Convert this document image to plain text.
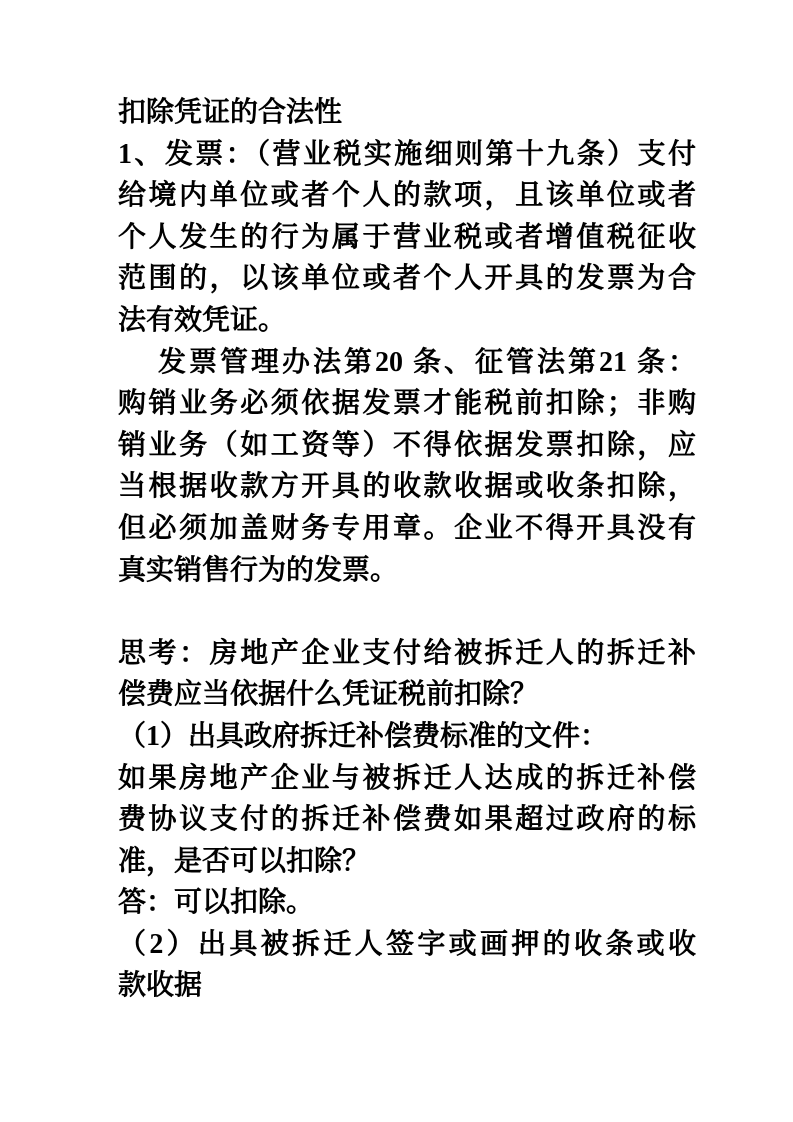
扣除凭证的合法性
1、发票：（营业税实施细则第十九条）支付
给境内单位或者个人的款项，且该单位或者
个人发生的行为属于营业税或者增值税征收
范围的，以该单位或者个人开具的发票为合
法有效凭证。
发票管理办法第20 条、征管法第21 条：
购销业务必须依据发票才能税前扣除；非购
销业务（如工资等）不得依据发票扣除，应
当根据收款方开具的收款收据或收条扣除，
但必须加盖财务专用章。企业不得开具没有
真实销售行为的发票。
思考：房地产企业支付给被拆迁人的拆迁补
偿费应当依据什么凭证税前扣除？
（1）出具政府拆迁补偿费标准的文件：
如果房地产企业与被拆迁人达成的拆迁补偿
费协议支付的拆迁补偿费如果超过政府的标
准，是否可以扣除？
答：可以扣除。
（2）出具被拆迁人签字或画押的收条或收
款收据
